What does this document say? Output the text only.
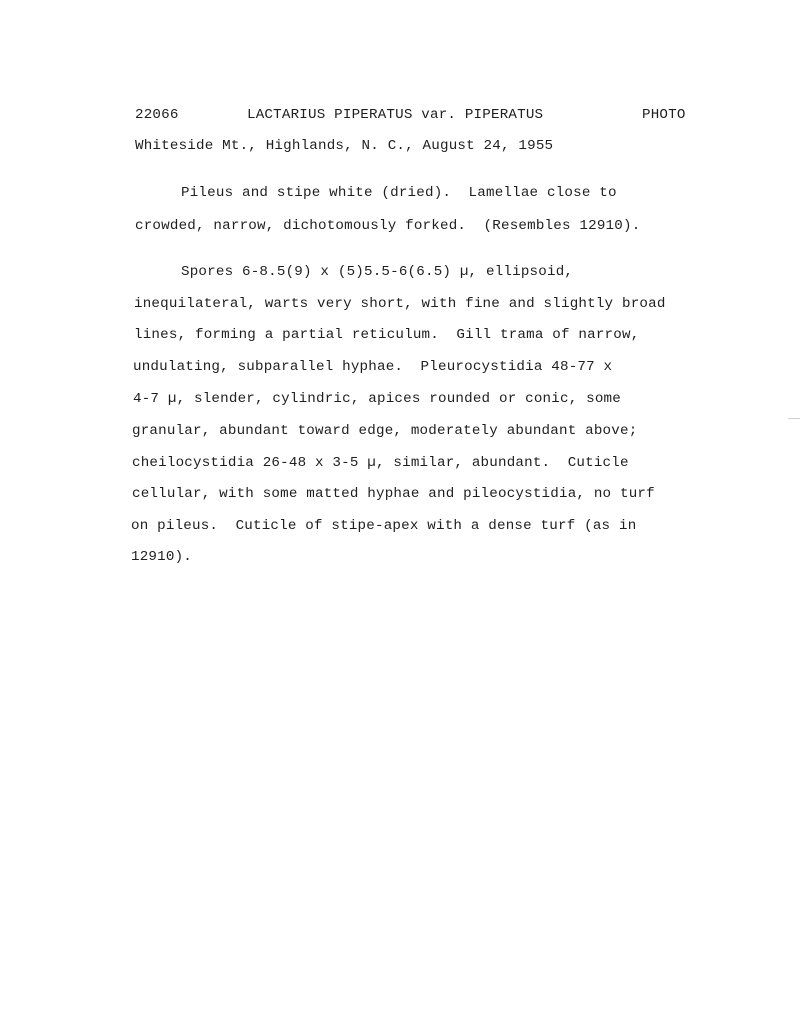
22066	LACTARIUS PIPERATUS var. PIPERATUS	PHOTO
Whiteside Mt., Highlands, N. C., August 24, 1955
Pileus and stipe white (dried).  Lamellae close to
crowded, narrow, dichotomously forked.  (Resembles 12910).
Spores 6-8.5(9) x (5)5.5-6(6.5) µ, ellipsoid,
inequilateral, warts very short, with fine and slightly broad
lines, forming a partial reticulum.  Gill trama of narrow,
undulating, subparallel hyphae.  Pleurocystidia 48-77 x
4-7 µ, slender, cylindric, apices rounded or conic, some
granular, abundant toward edge, moderately abundant above;
cheilocystidia 26-48 x 3-5 µ, similar, abundant.  Cuticle
cellular, with some matted hyphae and pileocystidia, no turf
on pileus.  Cuticle of stipe-apex with a dense turf (as in
12910).
